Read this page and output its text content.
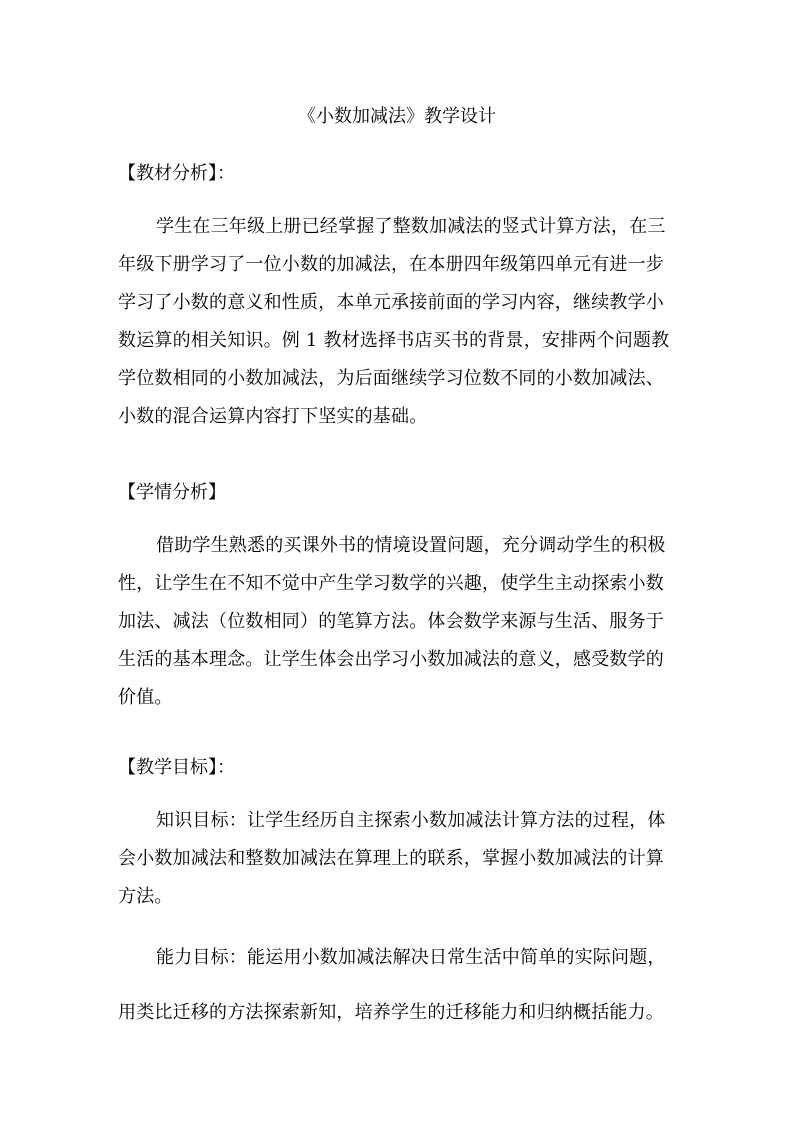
《小数加减法》教学设计
【教材分析】：
学生在三年级上册已经掌握了整数加减法的竖式计算方法，在三
年级下册学习了一位小数的加减法，在本册四年级第四单元有进一步
学习了小数的意义和性质，本单元承接前面的学习内容，继续教学小
数运算的相关知识。例 1 教材选择书店买书的背景，安排两个问题教
学位数相同的小数加减法，为后面继续学习位数不同的小数加减法、
小数的混合运算内容打下坚实的基础。
【学情分析】
借助学生熟悉的买课外书的情境设置问题，充分调动学生的积极
性，让学生在不知不觉中产生学习数学的兴趣，使学生主动探索小数
加法、减法（位数相同）的笔算方法。体会数学来源与生活、服务于
生活的基本理念。让学生体会出学习小数加减法的意义，感受数学的
价值。
【教学目标】：
知识目标：让学生经历自主探索小数加减法计算方法的过程，体
会小数加减法和整数加减法在算理上的联系，掌握小数加减法的计算
方法。
能力目标：能运用小数加减法解决日常生活中简单的实际问题，
用类比迁移的方法探索新知，培养学生的迁移能力和归纳概括能力。
